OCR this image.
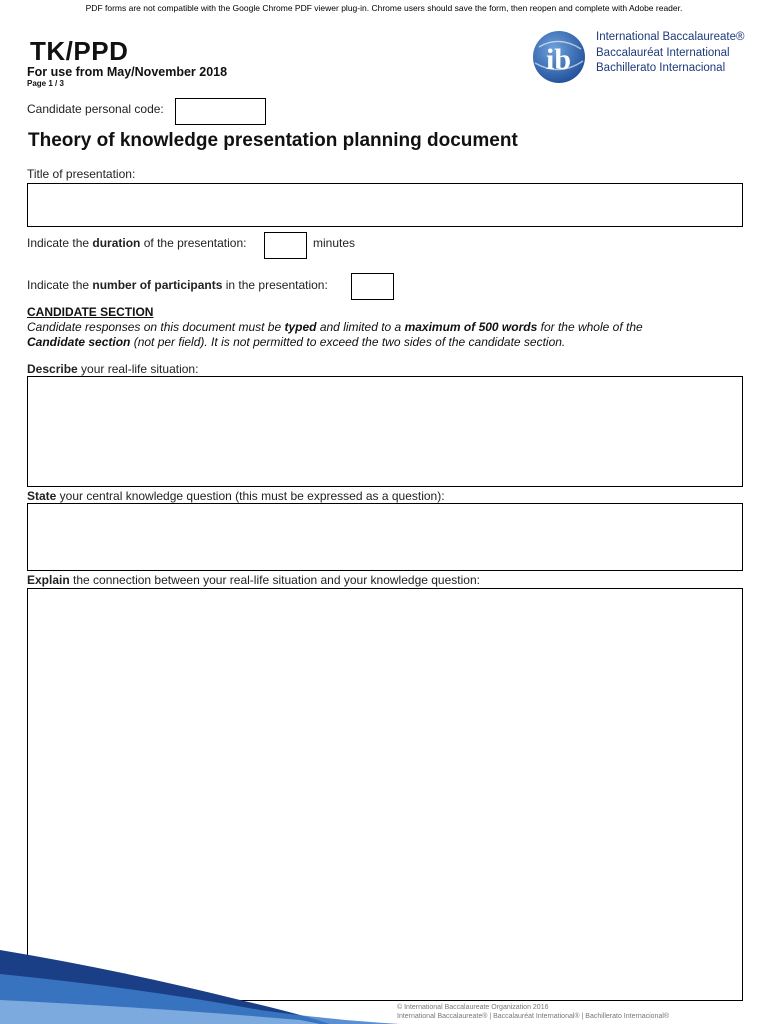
PDF forms are not compatible with the Google Chrome PDF viewer plug-in. Chrome users should save the form, then reopen and complete with Adobe reader.
TK/PPD
For use from May/November 2018
Page 1 / 3
ib
International Baccalaureate®
Baccalauréat International
Bachillerato Internacional
Candidate personal code:
Theory of knowledge presentation planning document
Title of presentation:
Indicate the duration of the presentation:	minutes
Indicate the number of participants in the presentation:
CANDIDATE SECTION
Candidate responses on this document must be typed and limited to a maximum of 500 words for the whole of the
Candidate section (not per field). It is not permitted to exceed the two sides of the candidate section.
Describe your real-life situation:
State your central knowledge question (this must be expressed as a question):
Explain the connection between your real-life situation and your knowledge question:
© International Baccalaureate Organization 2016
International Baccalaureate® | Baccalauréat International® | Bachillerato Internacional®
